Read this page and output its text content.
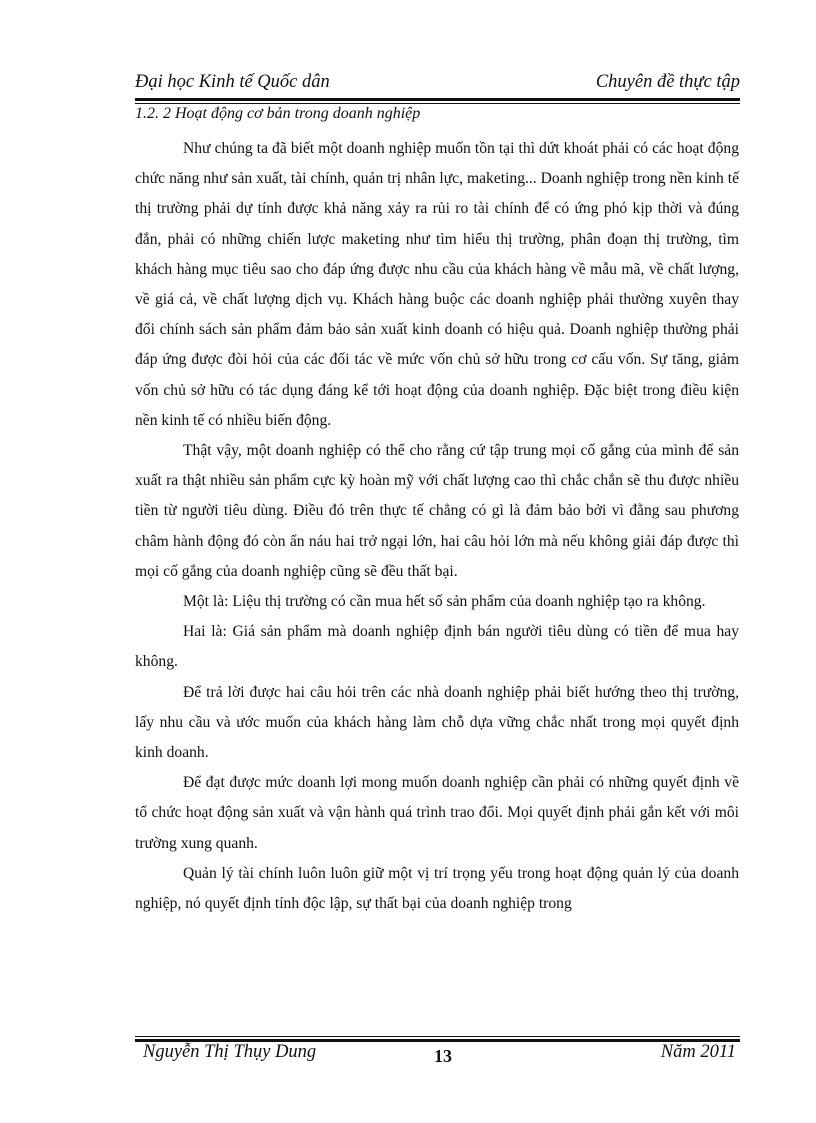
Đại học Kinh tế Quốc dân	Chuyên đề thực tập
1.2. 2 Hoạt động cơ bản trong doanh nghiệp

Như chúng ta đã biết một doanh nghiệp muốn tồn tại thì dứt khoát phải có các hoạt động chức năng như sản xuất, tài chính, quản trị nhân lực, maketing... Doanh nghiệp trong nền kinh tế thị trường phải dự tính được khả năng xảy ra rủi ro tài chính để có ứng phó kịp thời và đúng đắn, phải có những chiến lược maketing như tìm hiểu thị trường, phân đoạn thị trường, tìm khách hàng mục tiêu sao cho đáp ứng được nhu cầu của khách hàng về mẫu mã, về chất lượng, về giá cả, về chất lượng dịch vụ. Khách hàng buộc các doanh nghiệp phải thường xuyên thay đổi chính sách sản phẩm đảm bảo sản xuất kinh doanh có hiệu quả. Doanh nghiệp thường phải đáp ứng được đòi hỏi của các đối tác về mức vốn chủ sở hữu trong cơ cấu vốn. Sự tăng, giảm vốn chủ sở hữu có tác dụng đáng kể tới hoạt động của doanh nghiệp. Đặc biệt trong điều kiện nền kinh tế có nhiều biến động.

Thật vậy, một doanh nghiệp có thể cho rằng cứ tập trung mọi cố gắng của mình để sản xuất ra thật nhiều sản phẩm cực kỳ hoàn mỹ với chất lượng cao thì chắc chắn sẽ thu được nhiều tiền từ người tiêu dùng. Điều đó trên thực tế chẳng có gì là đảm bảo bởi vì đằng sau phương châm hành động đó còn ẩn náu hai trở ngại lớn, hai câu hỏi lớn mà nếu không giải đáp được thì mọi cố gắng của doanh nghiệp cũng sẽ đều thất bại.

Một là: Liệu thị trường có cần mua hết số sản phẩm của doanh nghiệp tạo ra không.

Hai là: Giá sản phẩm mà doanh nghiệp định bán người tiêu dùng có tiền để mua hay không.

Để trả lời được hai câu hỏi trên các nhà doanh nghiệp phải biết hướng theo thị trường, lấy nhu cầu và ước muốn của khách hàng làm chỗ dựa vững chắc nhất trong mọi quyết định kinh doanh.

Để đạt được mức doanh lợi mong muốn doanh nghiệp cần phải có những quyết định về tổ chức hoạt động sản xuất và vận hành quá trình trao đổi. Mọi quyết định phải gắn kết với môi trường xung quanh.

Quản lý tài chính luôn luôn giữ một vị trí trọng yếu trong hoạt động quản lý của doanh nghiệp, nó quyết định tính độc lập, sự thất bại của doanh nghiệp trong

Nguyễn Thị Thụy Dung	13	Năm 2011
